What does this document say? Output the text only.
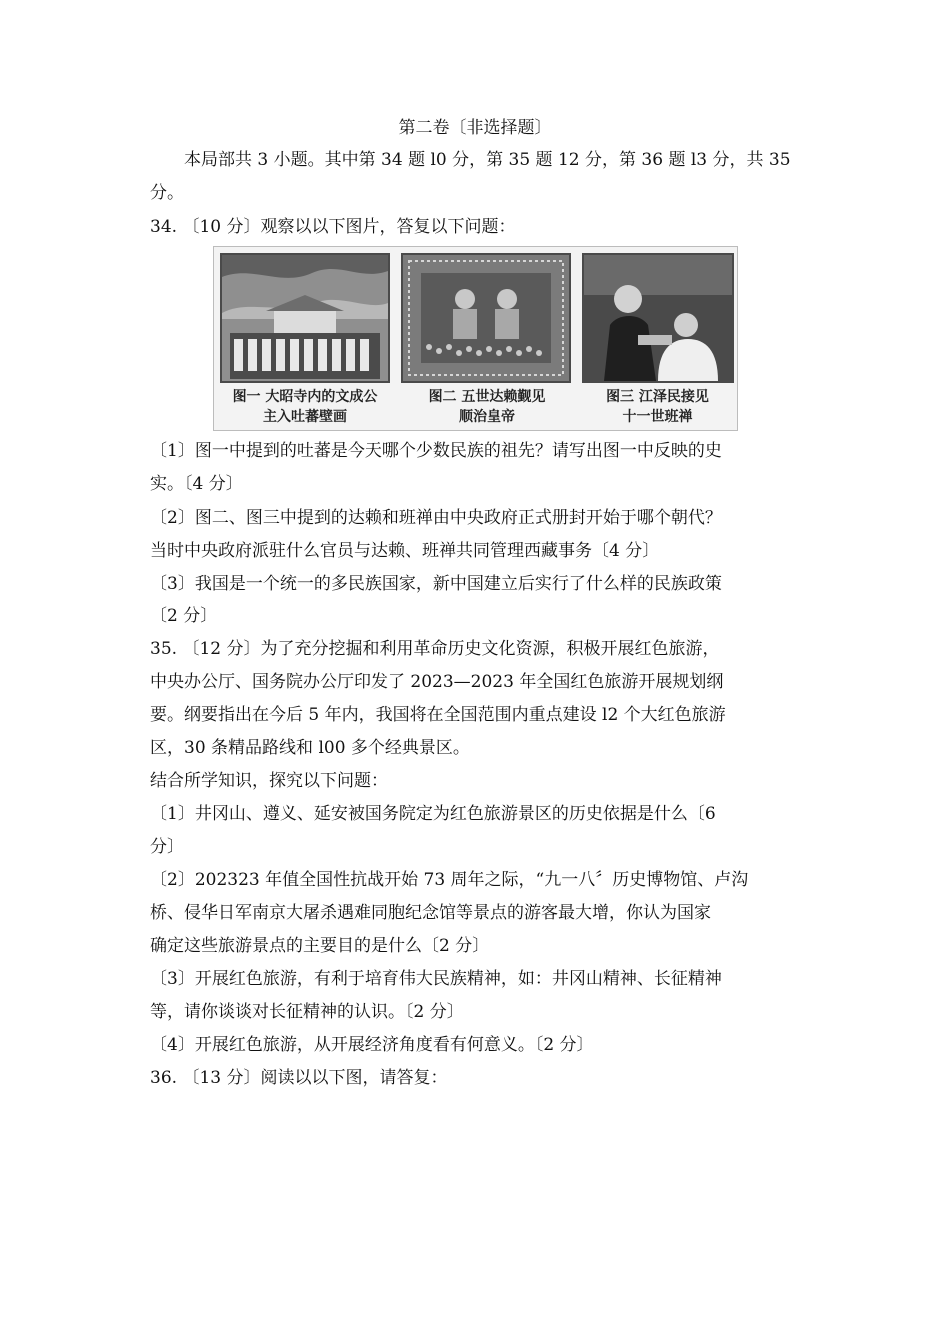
第二卷〔非选择题〕
本局部共 3 小题。其中第 34 题 l0 分，第 35 题 12 分，第 36 题 l3 分，共 35
分。
34. 〔10 分〕观察以以下图片，答复以下问题：
图一 大昭寺内的文成公
主入吐蕃壁画
图二 五世达赖觐见
顺治皇帝
图三 江泽民接见
十一世班禅
〔1〕图一中提到的吐蕃是今天哪个少数民族的祖先？请写出图一中反映的史
实。〔4 分〕
〔2〕图二、图三中提到的达赖和班禅由中央政府正式册封开始于哪个朝代？
当时中央政府派驻什么官员与达赖、班禅共同管理西藏事务〔4 分〕
〔3〕我国是一个统一的多民族国家，新中国建立后实行了什么样的民族政策
〔2 分〕
35. 〔12 分〕为了充分挖掘和利用革命历史文化资源，积极开展红色旅游，
中央办公厅、国务院办公厅印发了 2023—2023 年全国红色旅游开展规划纲
要。纲要指出在今后 5 年内，我国将在全国范围内重点建设 l2 个大红色旅游
区，30 条精品路线和 l00 多个经典景区。
结合所学知识，探究以下问题：
〔1〕井冈山、遵义、延安被国务院定为红色旅游景区的历史依据是什么〔6
分〕
〔2〕202323 年值全国性抗战开始 73 周年之际，“九一八〞历史博物馆、卢沟
桥、侵华日军南京大屠杀遇难同胞纪念馆等景点的游客最大增，你认为国家
确定这些旅游景点的主要目的是什么〔2 分〕
〔3〕开展红色旅游，有利于培育伟大民族精神，如：井冈山精神、长征精神
等，请你谈谈对长征精神的认识。〔2 分〕
〔4〕开展红色旅游，从开展经济角度看有何意义。〔2 分〕
36. 〔13 分〕阅读以以下图，请答复：
